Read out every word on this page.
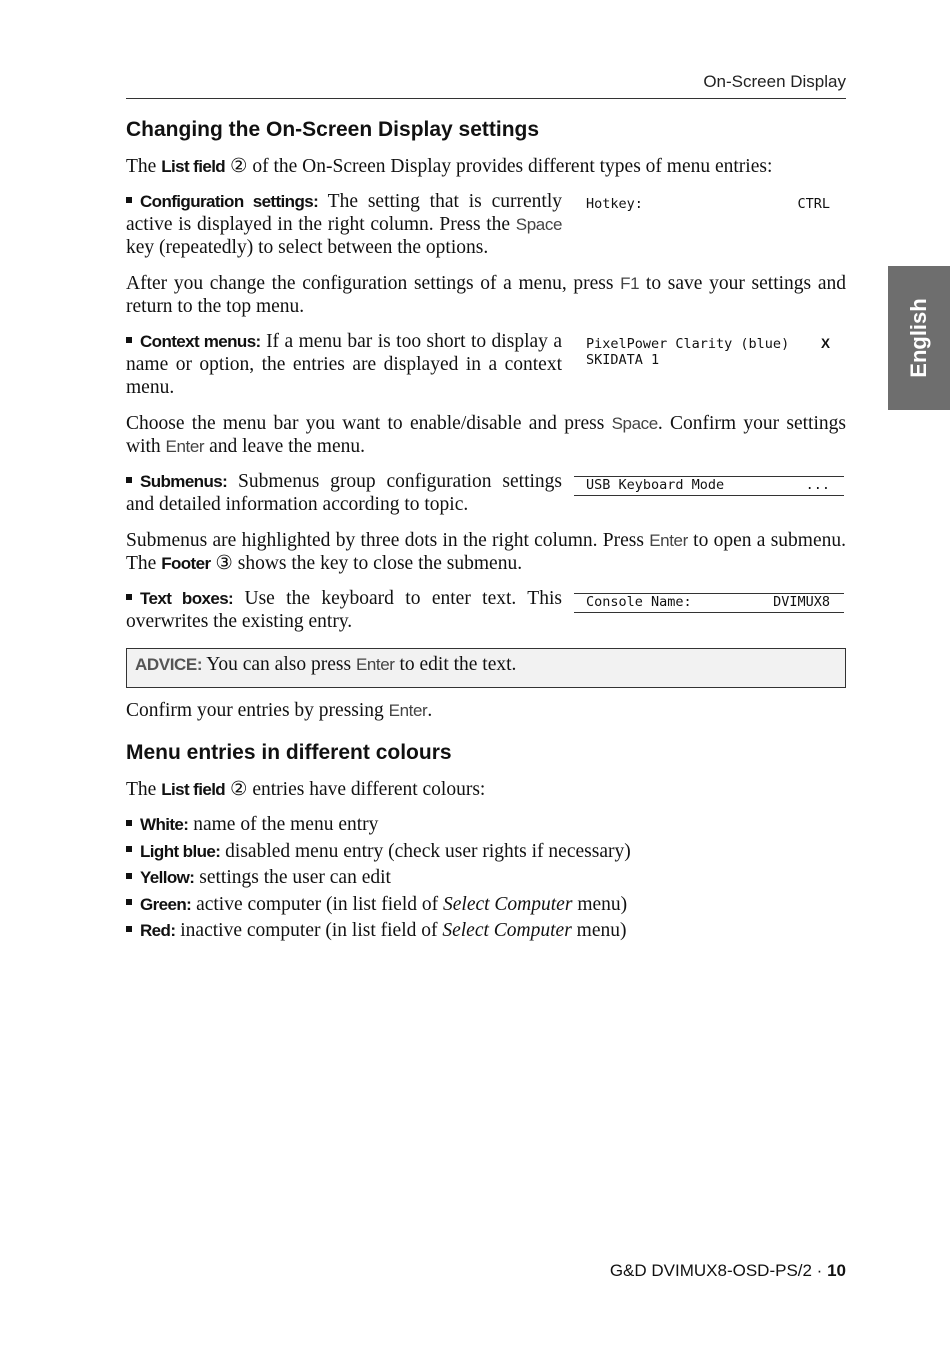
On-Screen Display
English
Changing the On-Screen Display settings

The List field ② of the On-Screen Display provides different types of menu entries:

Configuration settings: The setting that is currently active is displayed in the right column. Press the Space key (repeatedly) to select between the options.

Hotkey:	CTRL

After you change the configuration settings of a menu, press F1 to save your settings and return to the top menu.

Context menus: If a menu bar is too short to display a name or option, the entries are displayed in a context menu.

PixelPower Clarity (blue) X
SKIDATA 1

Choose the menu bar you want to enable/disable and press Space. Confirm your settings with Enter and leave the menu.

Submenus: Submenus group configuration settings and detailed information according to topic.

USB Keyboard Mode	...

Submenus are highlighted by three dots in the right column. Press Enter to open a submenu. The Footer ③ shows the key to close the submenu.

Text boxes: Use the keyboard to enter text. This overwrites the existing entry.

Console Name:	DVIMUX8
ADVICE: You can also press Enter to edit the text.

Confirm your entries by pressing Enter.

Menu entries in different colours

The List field ② entries have different colours:

White: name of the menu entry
Light blue: disabled menu entry (check user rights if necessary)
Yellow: settings the user can edit
Green: active computer (in list field of Select Computer menu)
Red: inactive computer (in list field of Select Computer menu)
G&D DVIMUX8-OSD-PS/2 · 10
